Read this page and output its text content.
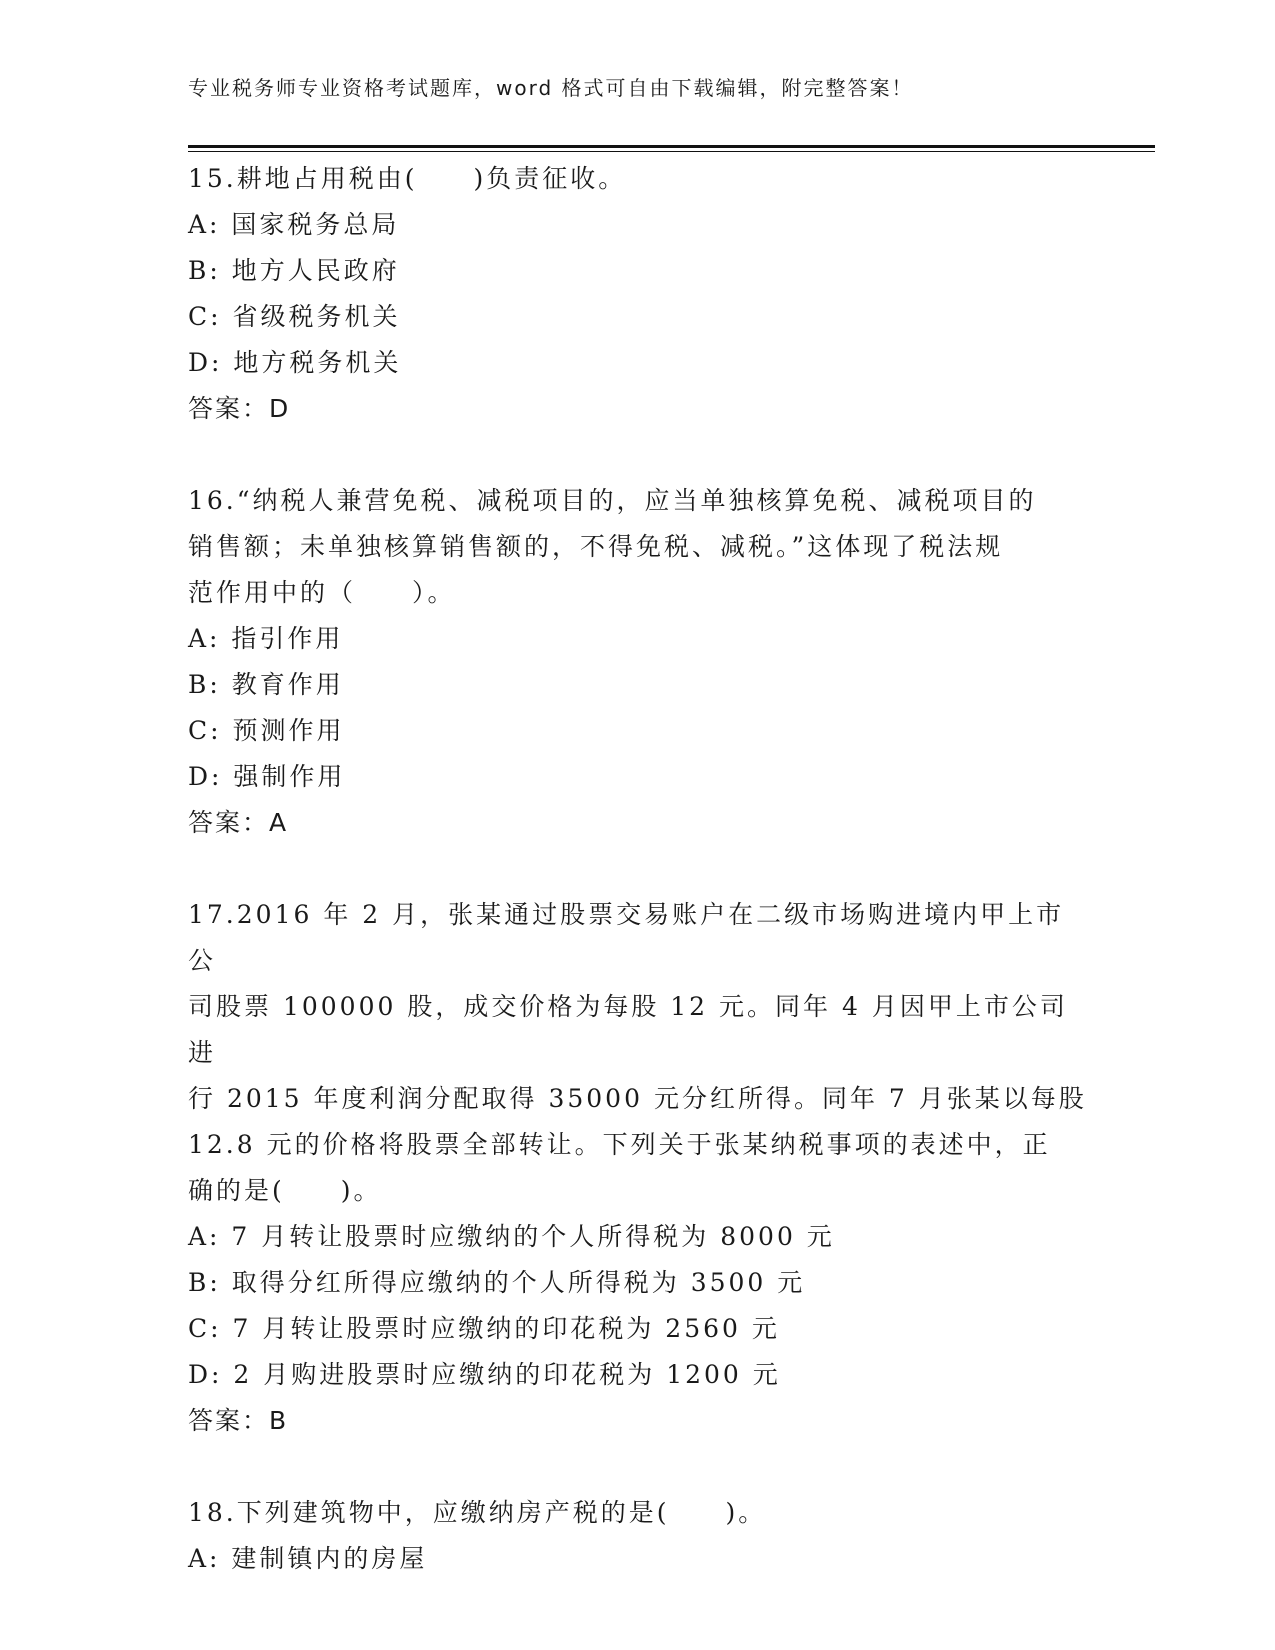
专业税务师专业资格考试题库，word 格式可自由下载编辑，附完整答案！

15.耕地占用税由(　　)负责征收。

A: 国家税务总局

B: 地方人民政府

C: 省级税务机关

D: 地方税务机关

答案：D

16.“纳税人兼营免税、减税项目的，应当单独核算免税、减税项目的

销售额；未单独核算销售额的，不得免税、减税。”这体现了税法规

范作用中的（　　）。

A: 指引作用

B: 教育作用

C: 预测作用

D: 强制作用

答案：A

17.2016 年 2 月，张某通过股票交易账户在二级市场购进境内甲上市公

司股票 100000 股，成交价格为每股 12 元。同年 4 月因甲上市公司进

行 2015 年度利润分配取得 35000 元分红所得。同年 7 月张某以每股

12.8 元的价格将股票全部转让。下列关于张某纳税事项的表述中，正

确的是(　　)。

A: 7 月转让股票时应缴纳的个人所得税为 8000 元

B: 取得分红所得应缴纳的个人所得税为 3500 元

C: 7 月转让股票时应缴纳的印花税为 2560 元

D: 2 月购进股票时应缴纳的印花税为 1200 元

答案：B

18.下列建筑物中，应缴纳房产税的是(　　)。

A: 建制镇内的房屋
